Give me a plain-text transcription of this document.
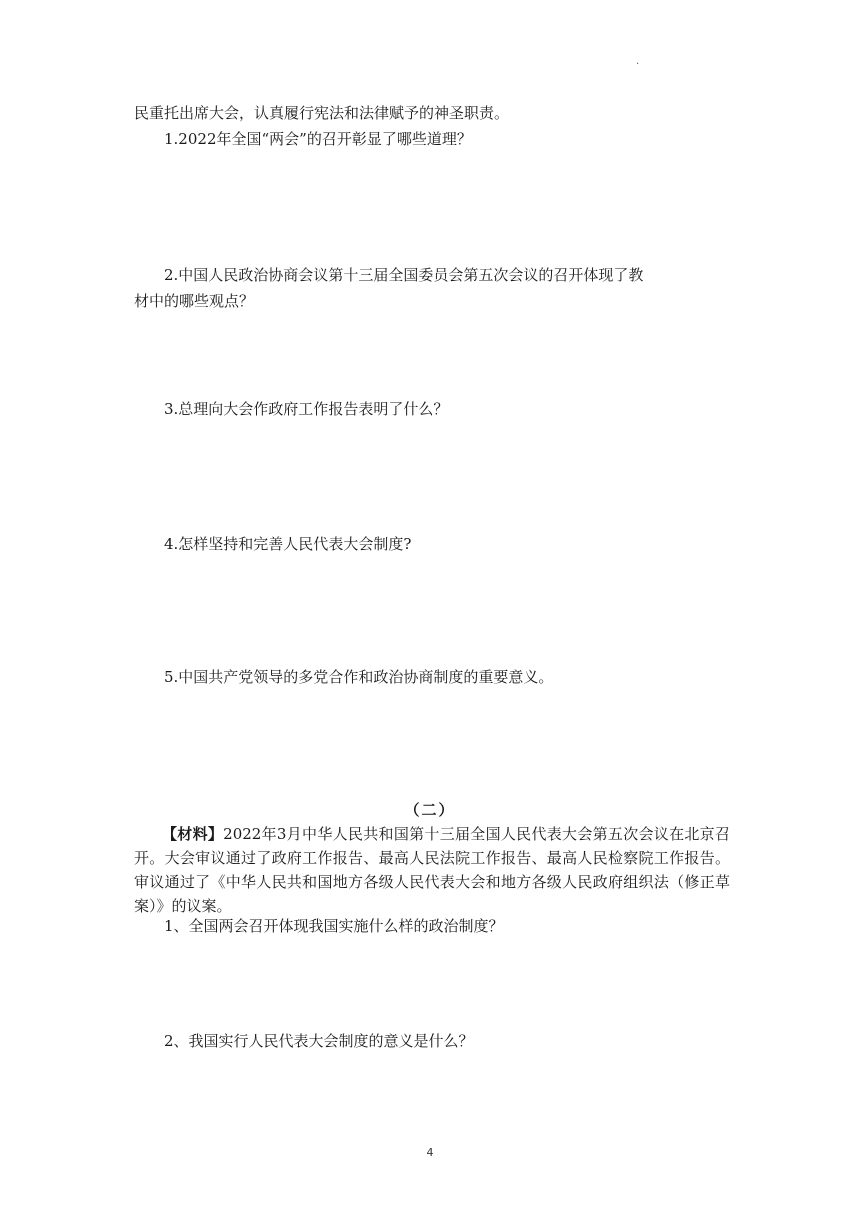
.
民重托出席大会，认真履行宪法和法律赋予的神圣职责。
1.2022年全国“两会”的召开彰显了哪些道理？
2.中国人民政治协商会议第十三届全国委员会第五次会议的召开体现了教
材中的哪些观点？
3.总理向大会作政府工作报告表明了什么？
4.怎样坚持和完善人民代表大会制度?
5.中国共产党领导的多党合作和政治协商制度的重要意义。
（二）
【材料】2022年3月中华人民共和国第十三届全国人民代表大会第五次会议在北京召开。大会审议通过了政府工作报告、最高人民法院工作报告、最高人民检察院工作报告。审议通过了《中华人民共和国地方各级人民代表大会和地方各级人民政府组织法（修正草案）》的议案。
1、全国两会召开体现我国实施什么样的政治制度？
2、我国实行人民代表大会制度的意义是什么？
4
